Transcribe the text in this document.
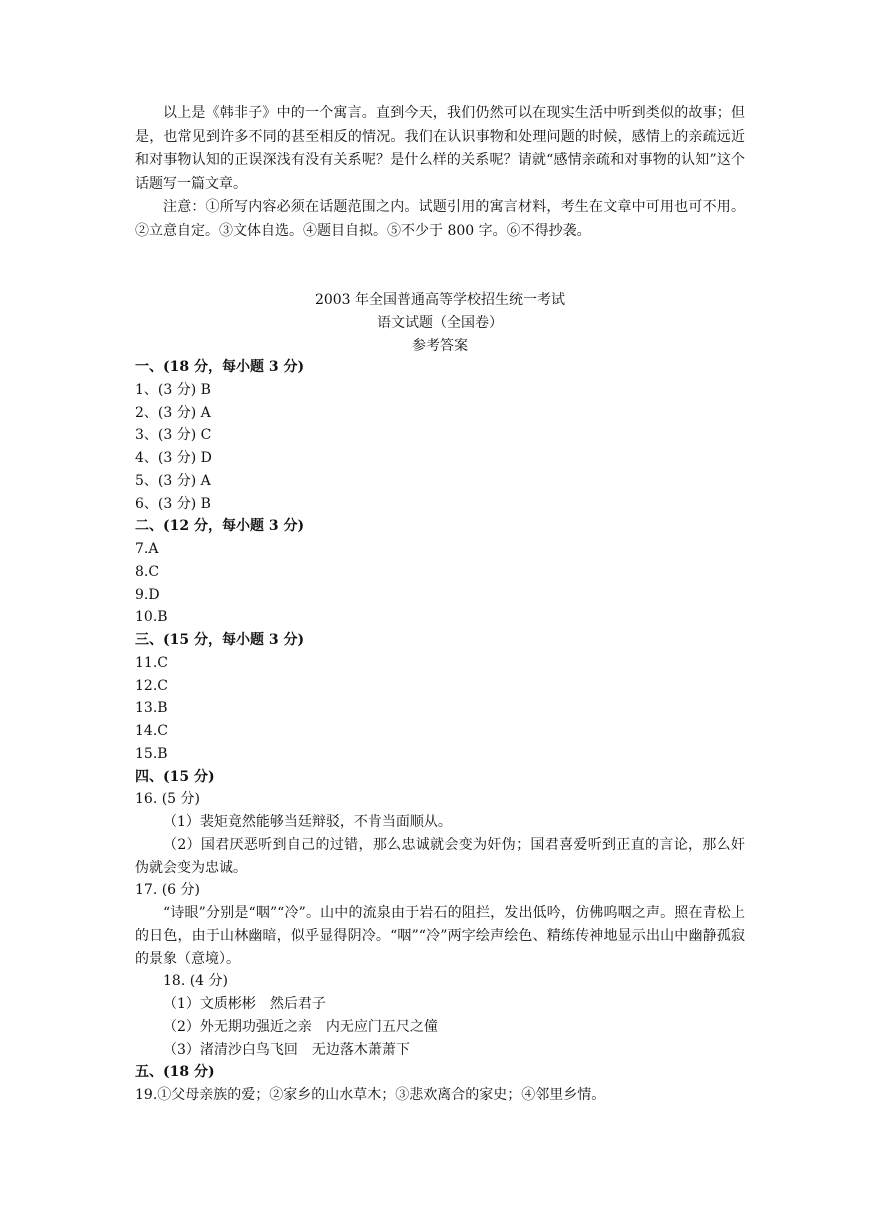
以上是《韩非子》中的一个寓言。直到今天，我们仍然可以在现实生活中听到类似的故事；但是，也常见到许多不同的甚至相反的情况。我们在认识事物和处理问题的时候，感情上的亲疏远近和对事物认知的正误深浅有没有关系呢？是什么样的关系呢？请就“感情亲疏和对事物的认知”这个话题写一篇文章。

注意：①所写内容必须在话题范围之内。试题引用的寓言材料，考生在文章中可用也可不用。②立意自定。③文体自选。④题目自拟。⑤不少于 800 字。⑥不得抄袭。

2003 年全国普通高等学校招生统一考试
语文试题（全国卷）
参考答案
一、(18 分，每小题 3 分)
1、(3 分) B
2、(3 分) A
3、(3 分) C
4、(3 分) D
5、(3 分) A
6、(3 分) B
二、(12 分，每小题 3 分)
7.A
8.C
9.D
10.B
三、(15 分，每小题 3 分)
11.C
12.C
13.B
14.C
15.B
四、(15 分)
16. (5 分)
（1）裴矩竟然能够当廷辩驳，不肯当面顺从。
（2）国君厌恶听到自己的过错，那么忠诚就会变为奸伪；国君喜爱听到正直的言论，那么奸伪就会变为忠诚。
17. (6 分)
“诗眼”分别是“咽”“冷”。山中的流泉由于岩石的阻拦，发出低吟，仿佛呜咽之声。照在青松上的日色，由于山林幽暗，似乎显得阴冷。“咽”“冷”两字绘声绘色、精练传神地显示出山中幽静孤寂的景象（意境）。
18. (4 分)
（1）文质彬彬　然后君子
（2）外无期功强近之亲　内无应门五尺之僮
（3）渚清沙白鸟飞回　无边落木萧萧下
五、(18 分)
19.①父母亲族的爱；②家乡的山水草木；③悲欢离合的家史；④邻里乡情。
